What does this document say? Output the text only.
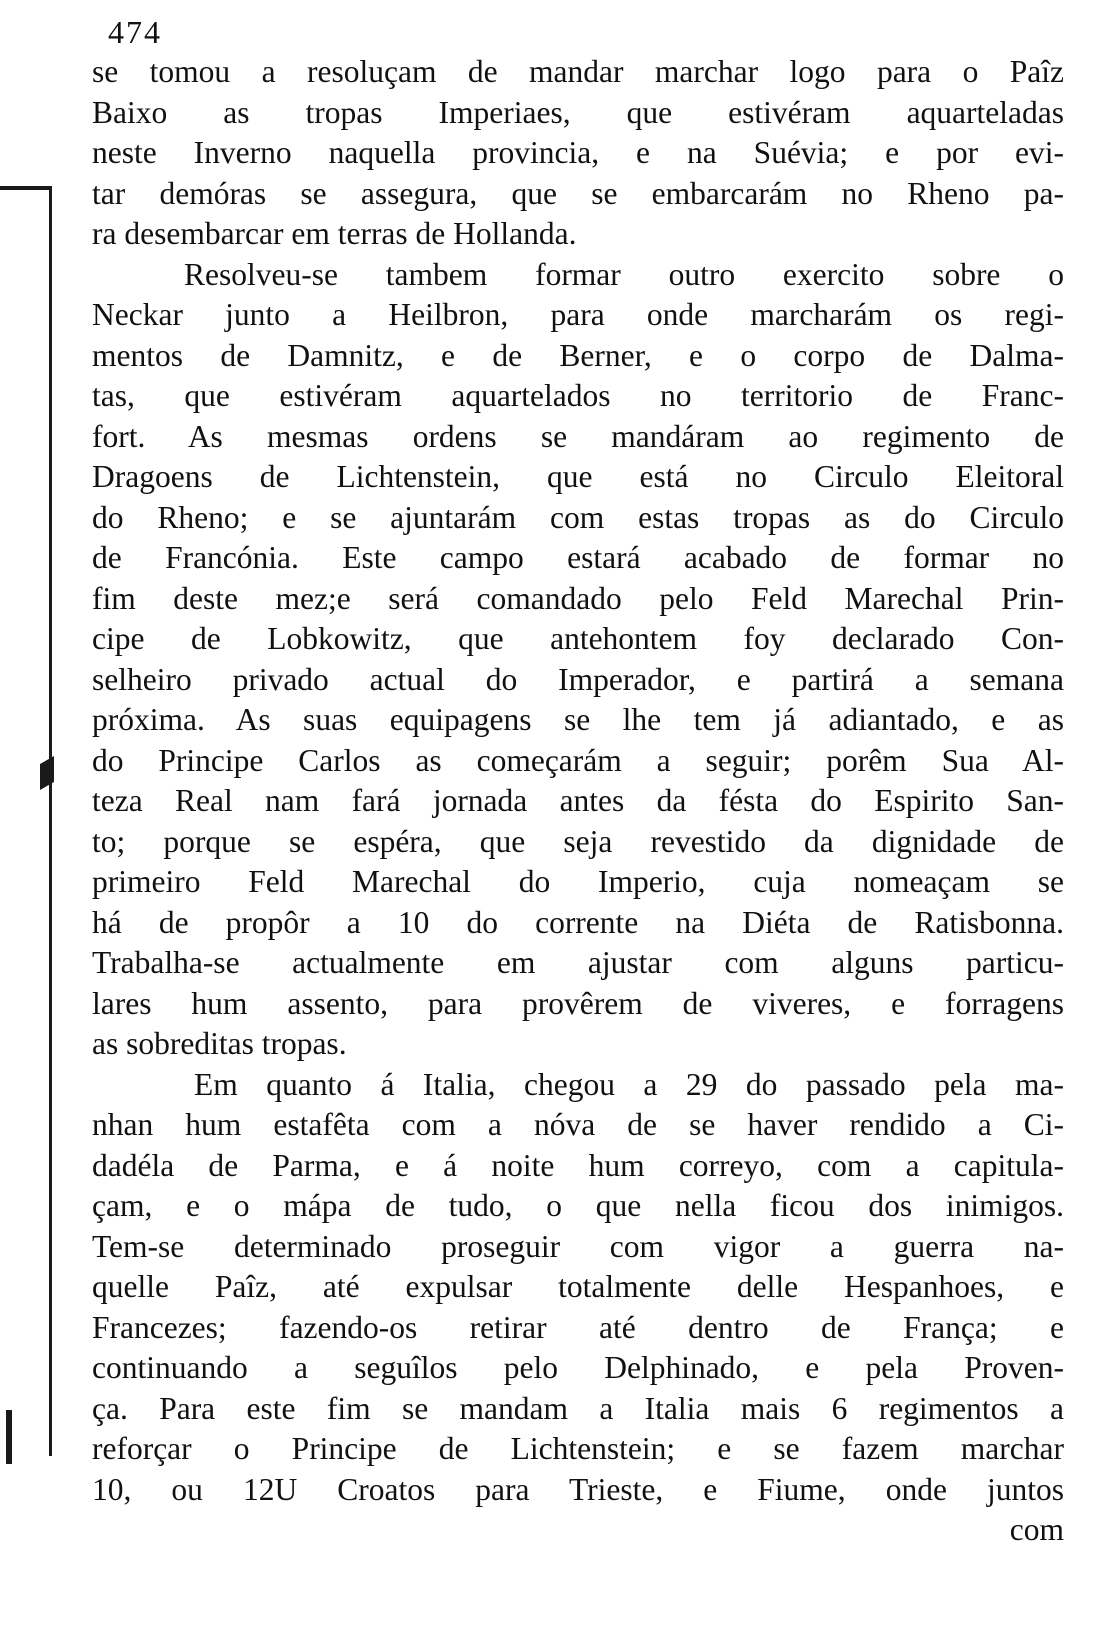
474
se tomou a resoluçam de mandar marchar logo para o Paîz
Baixo as tropas Imperiaes, que estivéram aquarteladas
neste Inverno naquella provincia, e na Suévia; e por evi-
tar demóras se assegura, que se embarcarám no Rheno pa-
ra desembarcar em terras de Hollanda.
Resolveu-se tambem formar outro exercito sobre o
Neckar junto a Heilbron, para onde marcharám os regi-
mentos de Damnitz, e de Berner, e o corpo de Dalma-
tas, que estivéram aquartelados no territorio de Franc-
fort. As mesmas ordens se mandáram ao regimento de
Dragoens de Lichtenstein, que está no Circulo Eleitoral
do Rheno; e se ajuntarám com estas tropas as do Circulo
de Francónia. Este campo estará acabado de formar no
fim deste mez;e será comandado pelo Feld Marechal Prin-
cipe de Lobkowitz, que antehontem foy declarado Con-
selheiro privado actual do Imperador, e partirá a semana
próxima. As suas equipagens se lhe tem já adiantado, e as
do Principe Carlos as começarám a seguir; porêm Sua Al-
teza Real nam fará jornada antes da fésta do Espirito San-
to; porque se espéra, que seja revestido da dignidade de
primeiro Feld Marechal do Imperio, cuja nomeaçam se
há de propôr a 10 do corrente na Diéta de Ratisbonna.
Trabalha-se actualmente em ajustar com alguns particu-
lares hum assento, para provêrem de viveres, e forragens
as sobreditas tropas.
Em quanto á Italia, chegou a 29 do passado pela ma-
nhan hum estafêta com a nóva de se haver rendido a Ci-
dadéla de Parma, e á noite hum correyo, com a capitula-
çam, e o mápa de tudo, o que nella ficou dos inimigos.
Tem-se determinado proseguir com vigor a guerra na-
quelle Paîz, até expulsar totalmente delle Hespanhoes, e
Francezes; fazendo-os retirar até dentro de França; e
continuando a seguîlos pelo Delphinado, e pela Proven-
ça. Para este fim se mandam a Italia mais 6 regimentos a
reforçar o Principe de Lichtenstein; e se fazem marchar
10, ou 12U Croatos para Trieste, e Fiume, onde juntos
com
